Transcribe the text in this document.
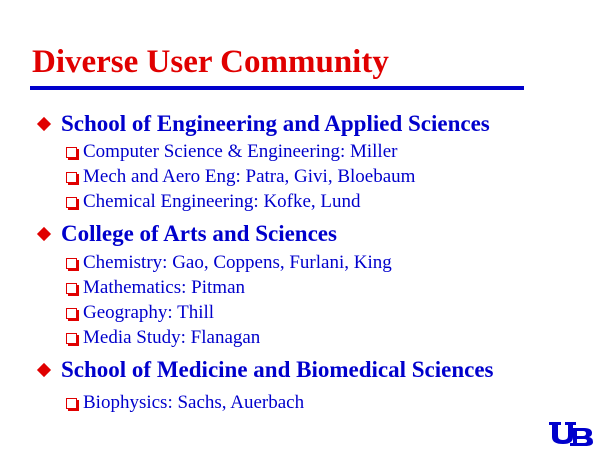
Diverse User Community
School of Engineering and Applied Sciences
Computer Science & Engineering: Miller
Mech and Aero Eng: Patra, Givi, Bloebaum
Chemical Engineering: Kofke, Lund
College of Arts and Sciences
Chemistry: Gao, Coppens, Furlani, King
Mathematics: Pitman
Geography: Thill
Media Study: Flanagan
School of Medicine and Biomedical Sciences
Biophysics: Sachs, Auerbach
